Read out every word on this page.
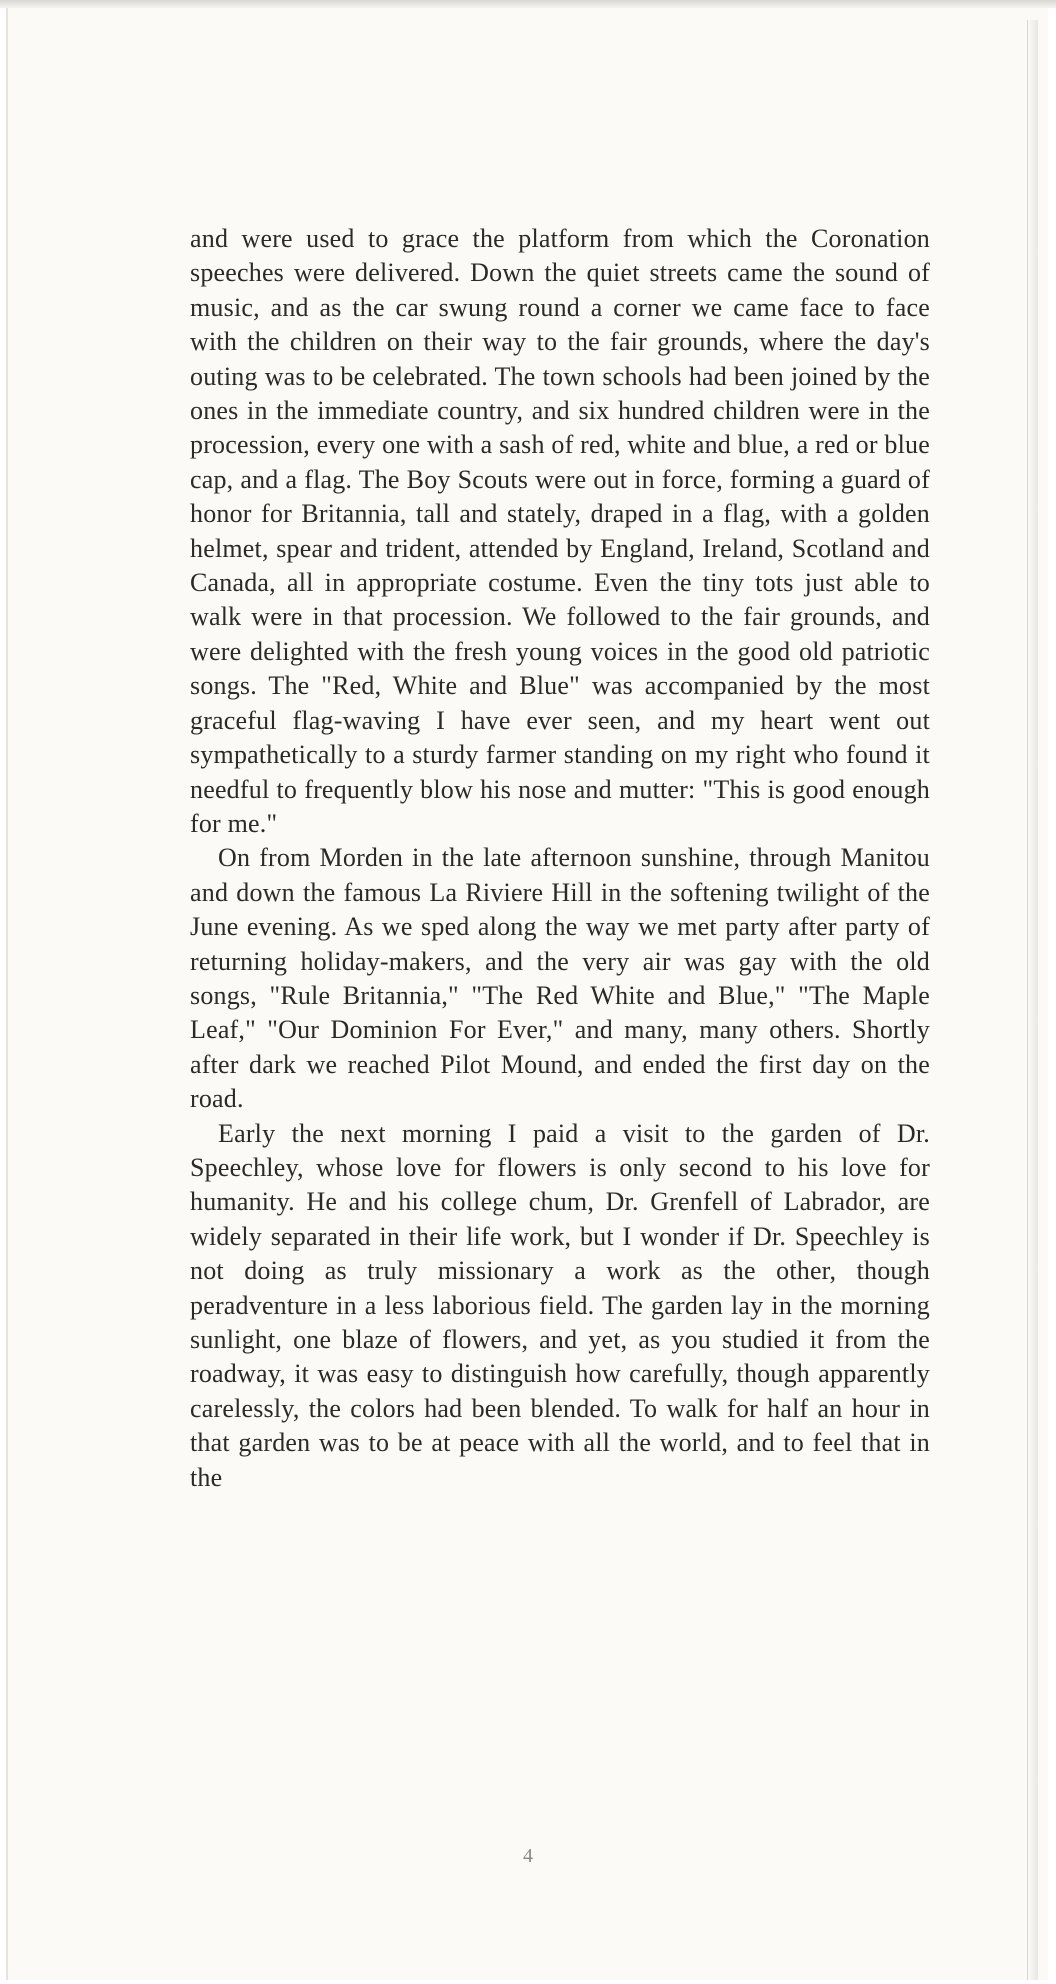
and were used to grace the platform from which the Coronation speeches were delivered. Down the quiet streets came the sound of music, and as the car swung round a corner we came face to face with the children on their way to the fair grounds, where the day's outing was to be celebrated. The town schools had been joined by the ones in the immediate country, and six hundred children were in the procession, every one with a sash of red, white and blue, a red or blue cap, and a flag. The Boy Scouts were out in force, forming a guard of honor for Britannia, tall and stately, draped in a flag, with a golden helmet, spear and trident, attended by England, Ireland, Scotland and Canada, all in appropriate costume. Even the tiny tots just able to walk were in that procession. We followed to the fair grounds, and were delighted with the fresh young voices in the good old patriotic songs. The "Red, White and Blue" was accompanied by the most graceful flag-waving I have ever seen, and my heart went out sympathetically to a sturdy farmer standing on my right who found it needful to frequently blow his nose and mutter: "This is good enough for me."

On from Morden in the late afternoon sunshine, through Manitou and down the famous La Riviere Hill in the softening twilight of the June evening. As we sped along the way we met party after party of returning holiday-makers, and the very air was gay with the old songs, "Rule Britannia," "The Red White and Blue," "The Maple Leaf," "Our Dominion For Ever," and many, many others. Shortly after dark we reached Pilot Mound, and ended the first day on the road.

Early the next morning I paid a visit to the garden of Dr. Speechley, whose love for flowers is only second to his love for humanity. He and his college chum, Dr. Grenfell of Labrador, are widely separated in their life work, but I wonder if Dr. Speechley is not doing as truly missionary a work as the other, though peradventure in a less laborious field. The garden lay in the morning sunlight, one blaze of flowers, and yet, as you studied it from the roadway, it was easy to distinguish how carefully, though apparently carelessly, the colors had been blended. To walk for half an hour in that garden was to be at peace with all the world, and to feel that in the

4
